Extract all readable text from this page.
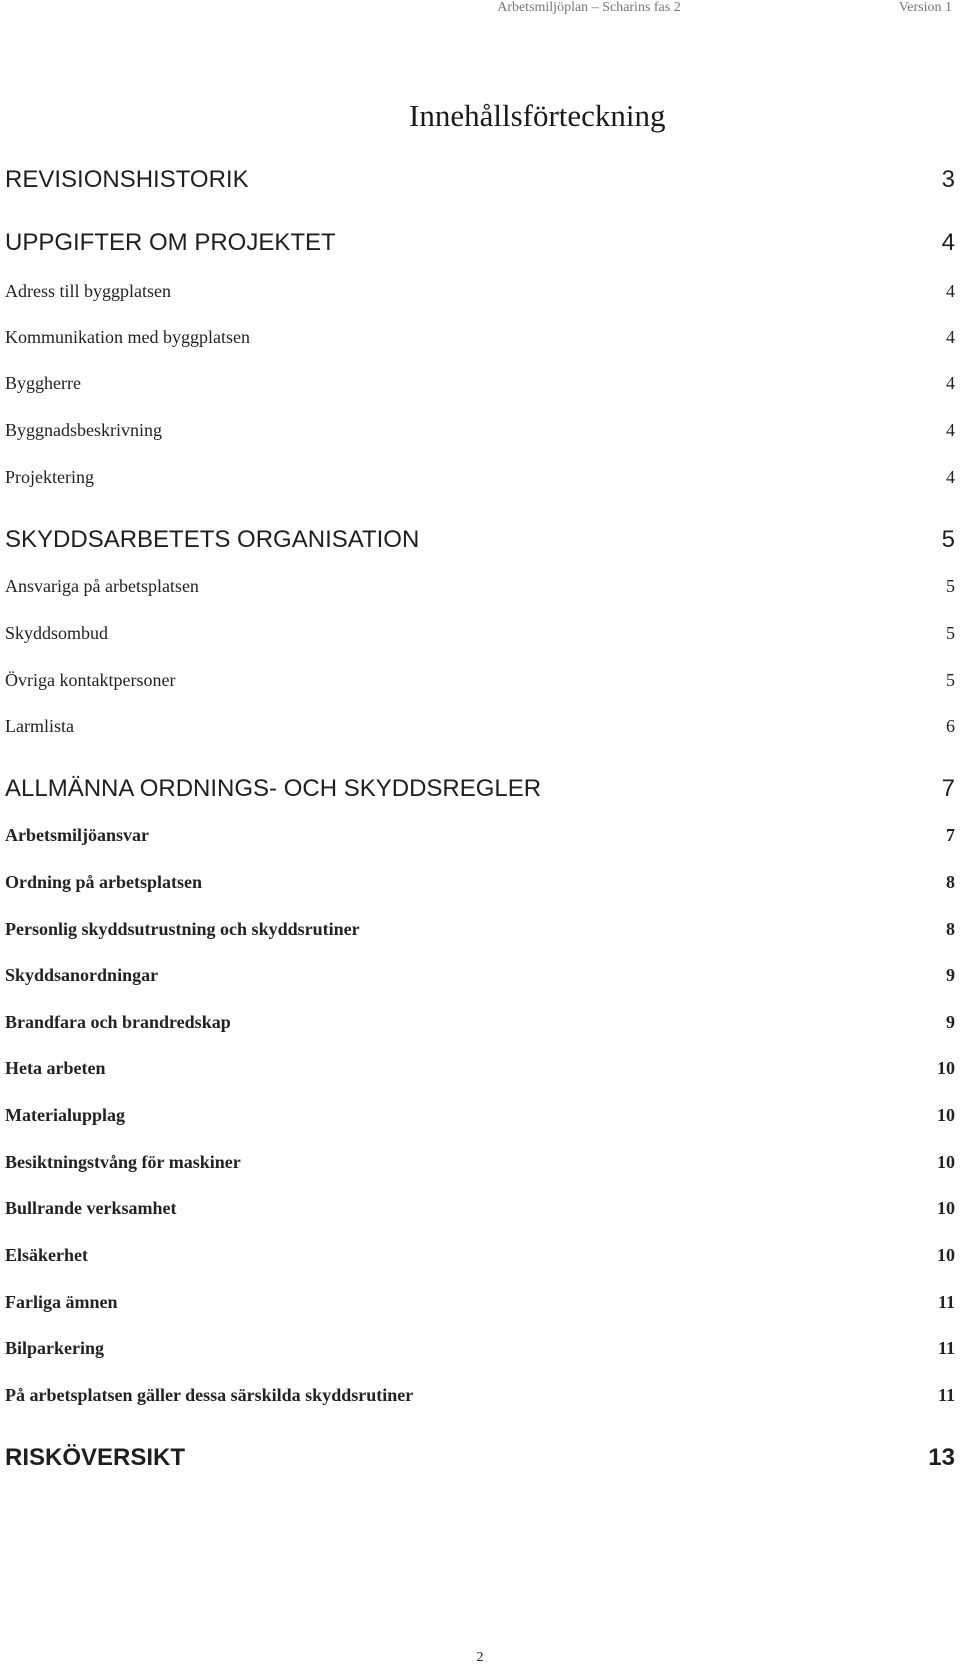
Arbetsmiljöplan – Scharins fas 2	Version 1
Innehållsförteckning
REVISIONSHISTORIK	3
UPPGIFTER OM PROJEKTET	4
Adress till byggplatsen	4
Kommunikation med byggplatsen	4
Byggherre	4
Byggnadsbeskrivning	4
Projektering	4
SKYDDSARBETETS ORGANISATION	5
Ansvariga på arbetsplatsen	5
Skyddsombud	5
Övriga kontaktpersoner	5
Larmlista	6
ALLMÄNNA ORDNINGS- OCH SKYDDSREGLER	7
Arbetsmiljöansvar	7
Ordning på arbetsplatsen	8
Personlig skyddsutrustning och skyddsrutiner	8
Skyddsanordningar	9
Brandfara och brandredskap	9
Heta arbeten	10
Materialupplag	10
Besiktningstvång för maskiner	10
Bullrande verksamhet	10
Elsäkerhet	10
Farliga ämnen	11
Bilparkering	11
På arbetsplatsen gäller dessa särskilda skyddsrutiner	11
RISKÖVERSIKT	13
2
